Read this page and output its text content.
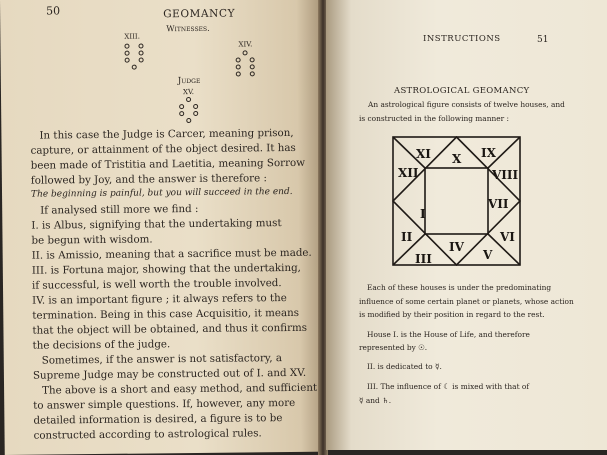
50	GEOMANCY
Witnesses.
XIII.
XIV.
Judge
XV.
In this case the Judge is Carcer, meaning prison,
capture, or attainment of the object desired. It has
been made of Tristitia and Laetitia, meaning Sorrow
followed by Joy, and the answer is therefore :
The beginning is painful, but you will succeed in the end.
If analysed still more we find :
I. is Albus, signifying that the undertaking must
be begun with wisdom.
II. is Amissio, meaning that a sacrifice must be made.
III. is Fortuna major, showing that the undertaking,
if successful, is well worth the trouble involved.
IV. is an important figure ; it always refers to the
termination. Being in this case Acquisitio, it means
that the object will be obtained, and thus it confirms
the decisions of the judge.
Sometimes, if the answer is not satisfactory, a
Supreme Judge may be constructed out of I. and XV.
The above is a short and easy method, and sufficient
to answer simple questions. If, however, any more
detailed information is desired, a figure is to be
constructed according to astrological rules.
INSTRUCTIONS	51
ASTROLOGICAL GEOMANCY
An astrological figure consists of twelve houses, and
is constructed in the following manner :
I
II
III
IV
V
VI
VII
VIII
IX
X
XI
XII
Each of these houses is under the predominating
influence of some certain planet or planets, whose action
is modified by their position in regard to the rest.
House I. is the House of Life, and therefore
represented by ☉.
II. is dedicated to ☿.
III. The influence of ☾ is mixed with that of
☿ and ♄.
